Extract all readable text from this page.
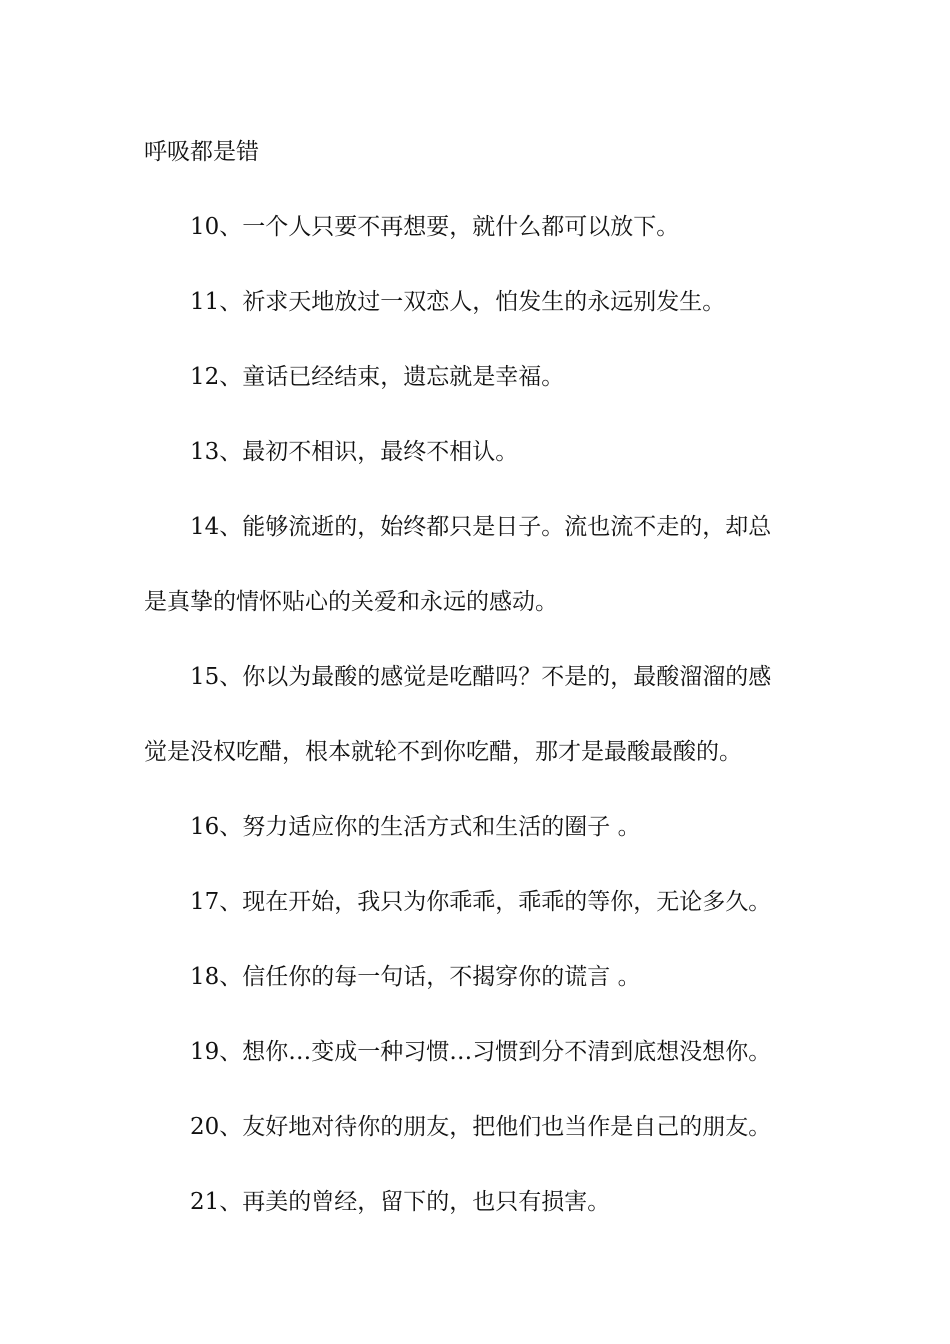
呼吸都是错
10、一个人只要不再想要，就什么都可以放下。
11、祈求天地放过一双恋人，怕发生的永远别发生。
12、童话已经结束，遗忘就是幸福。
13、最初不相识，最终不相认。
14、能够流逝的，始终都只是日子。流也流不走的，却总
是真挚的情怀贴心的关爱和永远的感动。
15、你以为最酸的感觉是吃醋吗？不是的，最酸溜溜的感
觉是没权吃醋，根本就轮不到你吃醋，那才是最酸最酸的。
16、努力适应你的生活方式和生活的圈子 。
17、现在开始，我只为你乖乖，乖乖的等你，无论多久。
18、信任你的每一句话，不揭穿你的谎言 。
19、想你…变成一种习惯…习惯到分不清到底想没想你。
20、友好地对待你的朋友，把他们也当作是自己的朋友。
21、再美的曾经，留下的，也只有损害。
